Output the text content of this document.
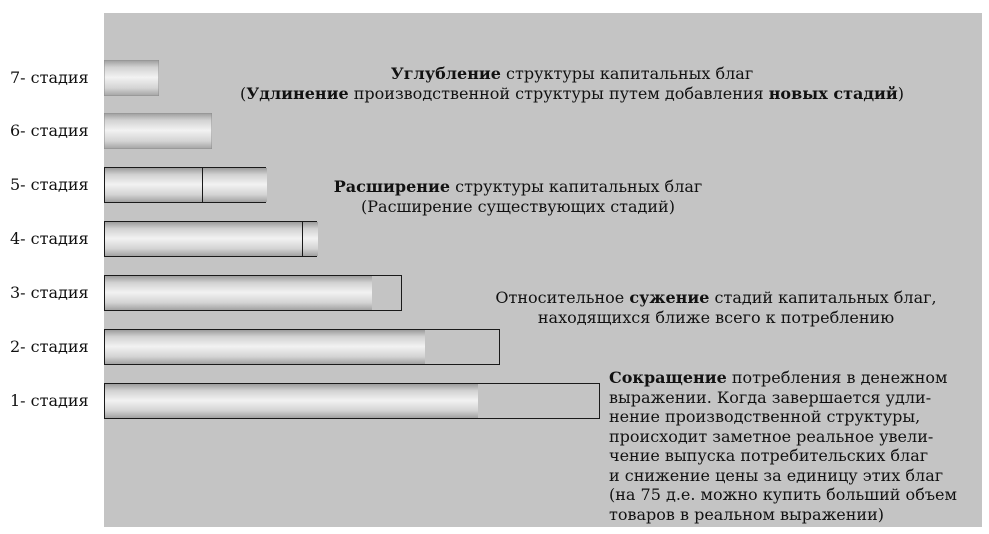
7- стадия
6- стадия
5- стадия
4- стадия
3- стадия
2- стадия
1- стадия
Углубление структуры капитальных благ
(Удлинение производственной структуры путем добавления новых стадий)
Расширение структуры капитальных благ
(Расширение существующих стадий)
Относительное сужение стадий капитальных благ,
находящихся ближе всего к потреблению
Сокращение потребления в денежном
выражении. Когда завершается удли-
нение производственной структуры,
происходит заметное реальное увели-
чение выпуска потребительских благ
и снижение цены за единицу этих благ
(на 75 д.е. можно купить больший объем
товаров в реальном выражении)
